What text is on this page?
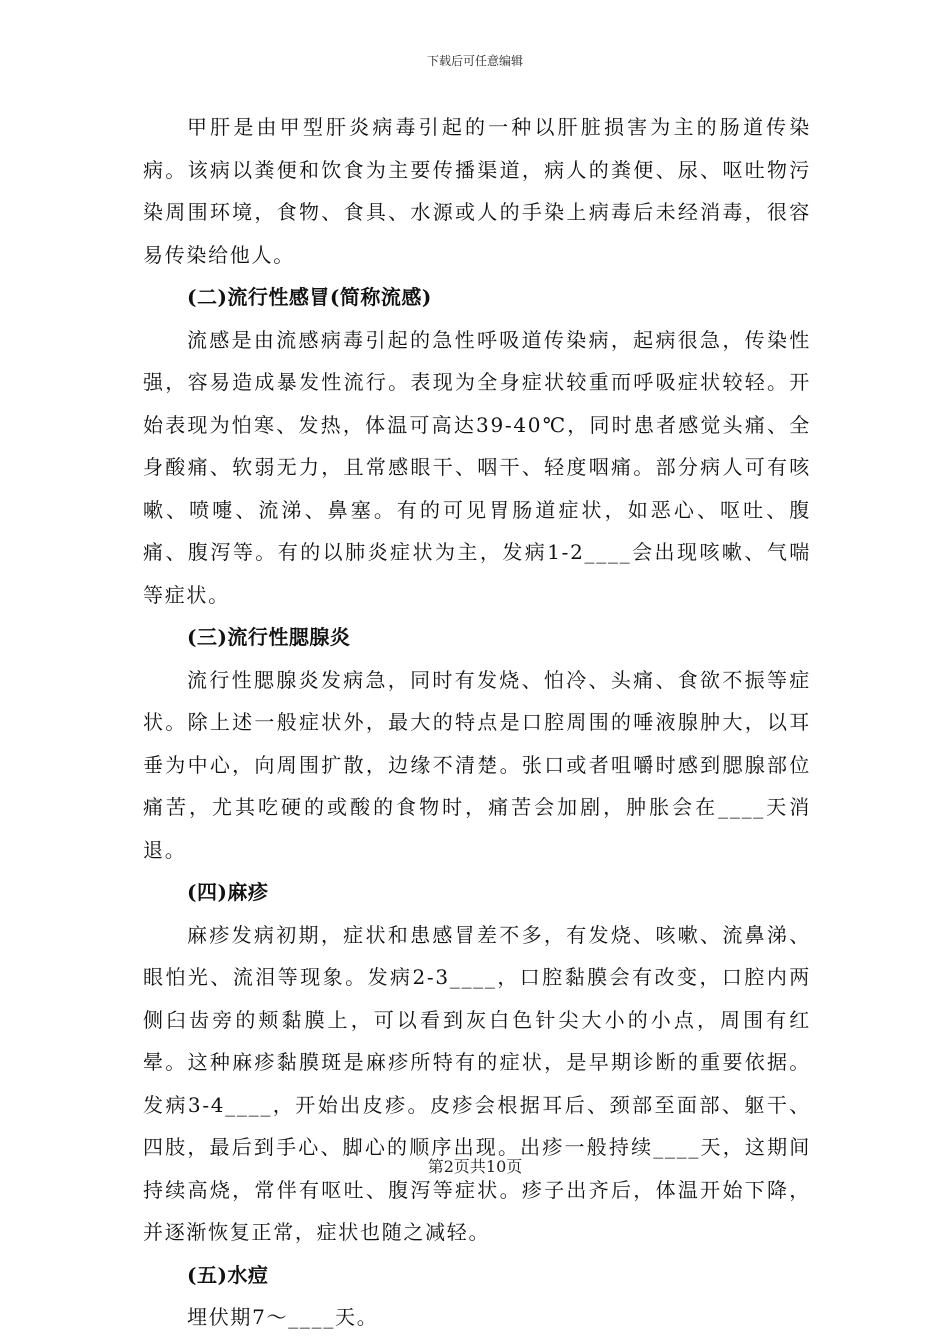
下载后可任意编辑

甲肝是由甲型肝炎病毒引起的一种以肝脏损害为主的肠道传染病。该病以粪便和饮食为主要传播渠道，病人的粪便、尿、呕吐物污染周围环境，食物、食具、水源或人的手染上病毒后未经消毒，很容易传染给他人。

(二)流行性感冒(简称流感)

流感是由流感病毒引起的急性呼吸道传染病，起病很急，传染性强，容易造成暴发性流行。表现为全身症状较重而呼吸症状较轻。开始表现为怕寒、发热，体温可高达39-40℃，同时患者感觉头痛、全身酸痛、软弱无力，且常感眼干、咽干、轻度咽痛。部分病人可有咳嗽、喷嚏、流涕、鼻塞。有的可见胃肠道症状，如恶心、呕吐、腹痛、腹泻等。有的以肺炎症状为主，发病1-2____会出现咳嗽、气喘等症状。

(三)流行性腮腺炎

流行性腮腺炎发病急，同时有发烧、怕冷、头痛、食欲不振等症状。除上述一般症状外，最大的特点是口腔周围的唾液腺肿大，以耳垂为中心，向周围扩散，边缘不清楚。张口或者咀嚼时感到腮腺部位痛苦，尤其吃硬的或酸的食物时，痛苦会加剧，肿胀会在____天消退。

(四)麻疹

麻疹发病初期，症状和患感冒差不多，有发烧、咳嗽、流鼻涕、眼怕光、流泪等现象。发病2-3____，口腔黏膜会有改变，口腔内两侧臼齿旁的颊黏膜上，可以看到灰白色针尖大小的小点，周围有红晕。这种麻疹黏膜斑是麻疹所特有的症状，是早期诊断的重要依据。发病3-4____，开始出皮疹。皮疹会根据耳后、颈部至面部、躯干、四肢，最后到手心、脚心的顺序出现。出疹一般持续____天，这期间持续高烧，常伴有呕吐、腹泻等症状。疹子出齐后，体温开始下降，并逐渐恢复正常，症状也随之减轻。

(五)水痘

埋伏期7～____天。

第2页共10页
